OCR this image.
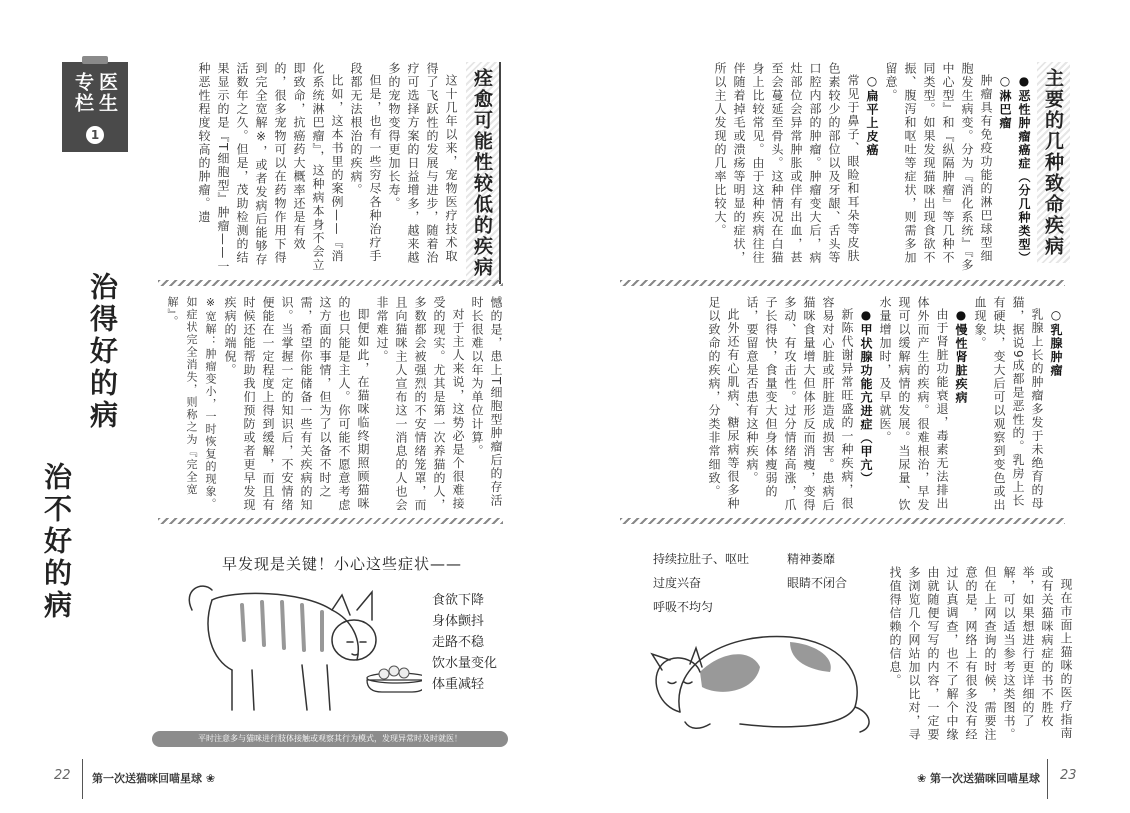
医生
专栏
1
治得好的病
治不好的病
痊愈可能性较低的疾病

这十几年以来，宠物医疗技术取得了飞跃性的发展与进步，随着治疗可选择方案的日益增多，越来越多的宠物变得更加长寿。

但是，也有一些穷尽各种治疗手段都无法根治的疾病。

比如，这本书里的案例——『消化系统淋巴瘤』，这种病本身不会立即致命，抗癌药大概率还是有效的，很多宠物可以在药物作用下得到完全宽解※，或者发病后能够存活数年之久。但是，茂助检测的结果显示的是『T细胞型』肿瘤——一种恶性程度较高的肿瘤。遗

憾的是，患上T细胞型肿瘤后的存活时长很难以年为单位计算。

对于主人来说，这势必是个很难接受的现实。尤其是第一次养猫的人，多数都会被强烈的不安情绪笼罩，而且向猫咪主人宣布这一消息的人也会非常难过。

即便如此，在猫咪临终期照顾猫咪的也只能是主人。你可能不愿意考虑这方面的事情，但为了以备不时之需，希望你能储备一些有关疾病的知识。当掌握一定的知识后，不安情绪便能在一定程度上得到缓解，而且有时候还能帮助我们预防或者更早发现疾病的端倪。

※宽解：肿瘤变小，一时恢复的现象。如症状完全消失，则称之为『完全宽解』。

早发现是关键！小心这些症状——
食欲下降
身体颤抖
走路不稳
饮水量变化
体重减轻
平时注意多与猫咪进行肢体接触或观察其行为模式，发现异常时及时就医！
22 第一次送猫咪回喵星球 ❀
主要的几种致命疾病

●恶性肿瘤癌症（分几种类型）

○淋巴瘤

肿瘤具有免疫功能的淋巴球型细胞发生病变。分为『消化系统』『多中心型』和『纵隔肿瘤』等几种不同类型。如果发现猫咪出现食欲不振、腹泻和呕吐等症状，则需多加留意。

○扁平上皮癌

常见于鼻子、眼睑和耳朵等皮肤色素较少的部位以及牙龈、舌头等口腔内部的肿瘤。肿瘤变大后，病灶部位会异常肿胀或伴有出血，甚至会蔓延至骨头。这种情况在白猫身上比较常见。由于这种疾病往往伴随着掉毛或溃疡等明显的症状，所以主人发现的几率比较大。

○乳腺肿瘤

乳腺上长的肿瘤多发于未绝育的母猫，据说9成都是恶性的。乳房上长有硬块，变大后可以观察到变色或出血现象。

●慢性肾脏疾病

由于肾脏功能衰退，毒素无法排出体外而产生的疾病。很难根治，早发现可以缓解病情的发展。当尿量、饮水量增加时，及早就医。

●甲状腺功能亢进症（甲亢）

新陈代谢异常旺盛的一种疾病，很容易对心脏或肝脏造成损害。患病后猫咪食量增大但体形反而消瘦，变得多动、有攻击性。过分情绪高涨，爪子长得快，食量变大但身体瘦弱的话，要留意是否患有这种疾病。

此外还有心肌病、糖尿病等很多种足以致命的疾病，分类非常细致。

现在市面上猫咪的医疗指南或有关猫咪病症的书不胜枚举，如果想进行更详细的了解，可以适当参考这类图书。但在上网查询的时候，需要注意的是，网络上有很多没有经过认真调查，也不了解个中缘由就随便写写的内容，一定要多浏览几个网站加以比对，寻找值得信赖的信息。

持续拉肚子、呕吐	精神萎靡
过度兴奋	眼睛不闭合
呼吸不均匀
23
❀ 第一次送猫咪回喵星球
